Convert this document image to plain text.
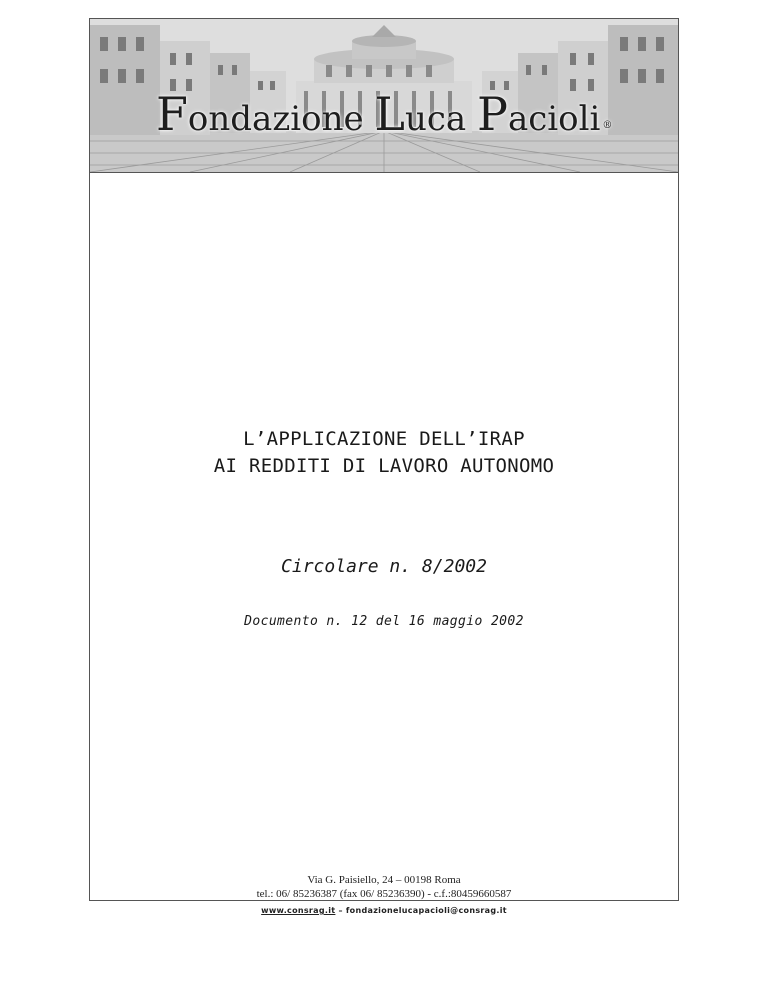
Fondazione Luca Pacioli ®
L’APPLICAZIONE DELL’IRAP
AI REDDITI DI LAVORO AUTONOMO
Circolare n. 8/2002
Documento n. 12 del 16 maggio 2002
Via G. Paisiello, 24 – 00198 Roma
tel.: 06/ 85236387 (fax 06/ 85236390) - c.f.:80459660587
www.consrag.it – fondazionelucapacioli@consrag.it
